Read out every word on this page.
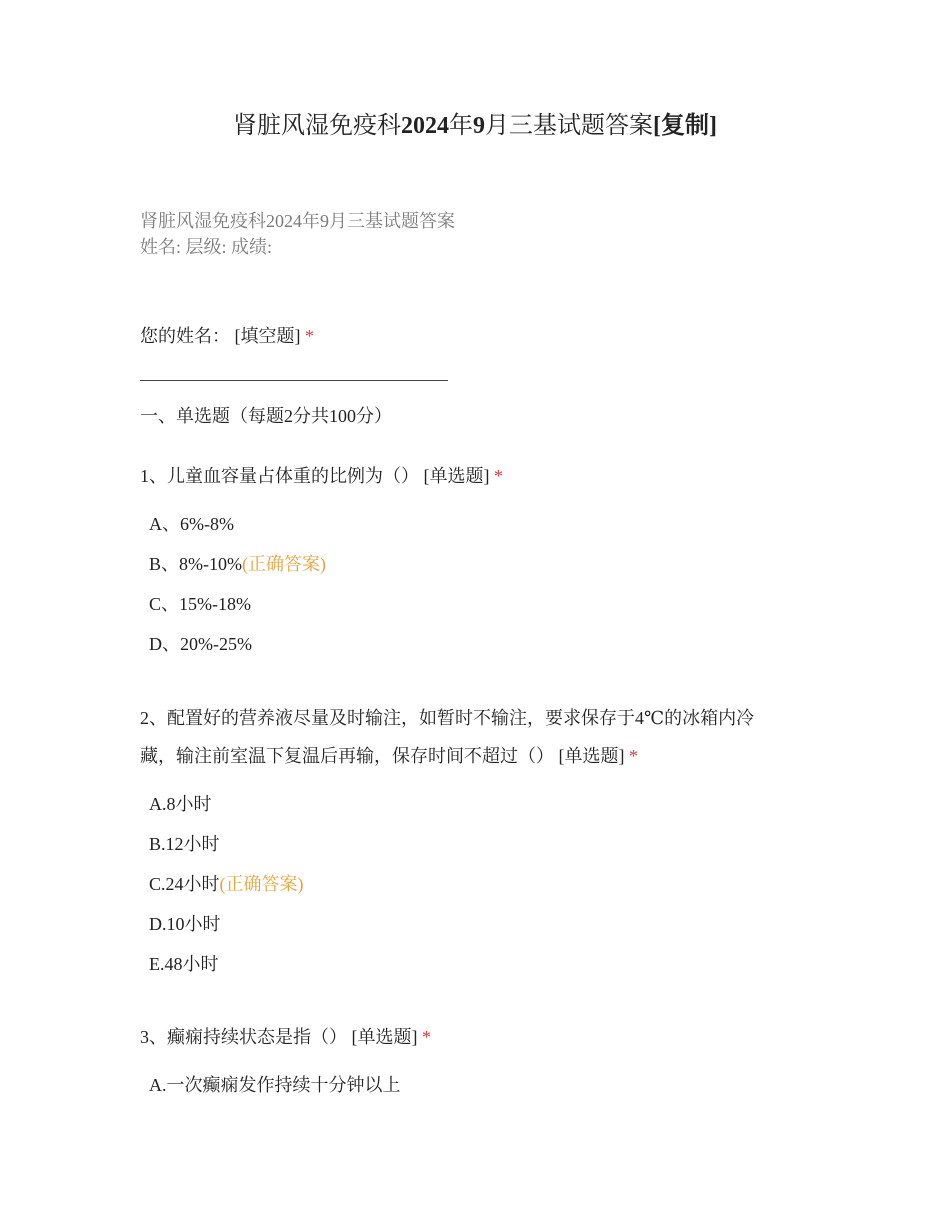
肾脏风湿免疫科2024年9月三基试题答案[复制]
肾脏风湿免疫科2024年9月三基试题答案
姓名: 层级: 成绩:
您的姓名： [填空题] *
一、单选题（每题2分共100分）
1、儿童血容量占体重的比例为（） [单选题] *
A、6%-8%
B、8%-10%(正确答案)
C、15%-18%
D、20%-25%
2、配置好的营养液尽量及时输注，如暂时不输注，要求保存于4℃的冰箱内冷
藏，输注前室温下复温后再输，保存时间不超过（） [单选题] *
A.8小时
B.12小时
C.24小时(正确答案)
D.10小时
E.48小时
3、癫痫持续状态是指（） [单选题] *
A.一次癫痫发作持续十分钟以上
